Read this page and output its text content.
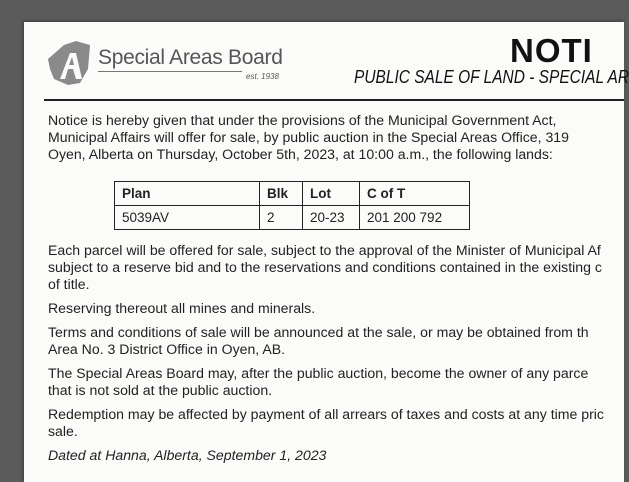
Special Areas Board
est. 1938
NOTI
PUBLIC SALE OF LAND - SPECIAL AR

Notice is hereby given that under the provisions of the Municipal Government Act,
Municipal Affairs will offer for sale, by public auction in the Special Areas Office, 319
Oyen, Alberta on Thursday, October 5th, 2023, at 10:00 a.m., the following lands:

Plan	Blk	Lot	C of T
5039AV	2	20-23	201 200 792

Each parcel will be offered for sale, subject to the approval of the Minister of Municipal Af
subject to a reserve bid and to the reservations and conditions contained in the existing c
of title.

Reserving thereout all mines and minerals.

Terms and conditions of sale will be announced at the sale, or may be obtained from th
Area No. 3 District Office in Oyen, AB.

The Special Areas Board may, after the public auction, become the owner of any parce
that is not sold at the public auction.

Redemption may be affected by payment of all arrears of taxes and costs at any time pric
sale.

Dated at Hanna, Alberta, September 1, 2023
